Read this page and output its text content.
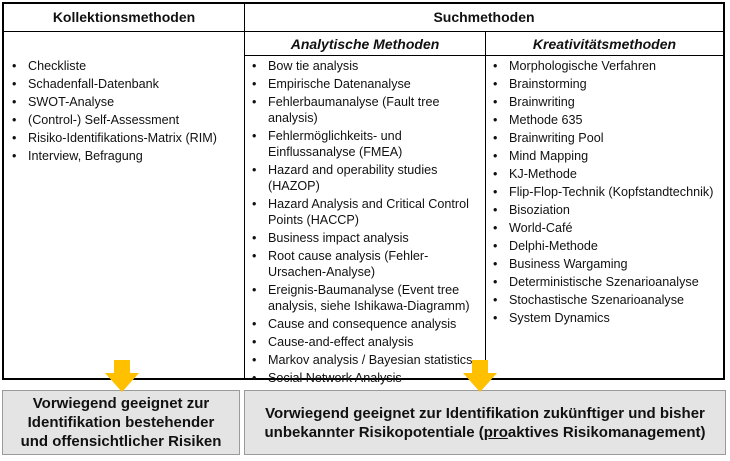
Kollektionsmethoden	Suchmethoden
Analytische Methoden	Kreativitätsmethoden
• Checkliste
• Schadenfall-Datenbank
• SWOT-Analyse
• (Control-) Self-Assessment
• Risiko-Identifikations-Matrix (RIM)
• Interview, Befragung
• Bow tie analysis
• Empirische Datenanalyse
• Fehlerbaumanalyse (Fault tree analysis)
• Fehlermöglichkeits- und Einflussanalyse (FMEA)
• Hazard and operability studies (HAZOP)
• Hazard Analysis and Critical Control Points (HACCP)
• Business impact analysis
• Root cause analysis (Fehler-Ursachen-Analyse)
• Ereignis-Baumanalyse (Event tree analysis, siehe Ishikawa-Diagramm)
• Cause and consequence analysis
• Cause-and-effect analysis
• Markov analysis / Bayesian statistics
• Social Network Analysis
• Morphologische Verfahren
• Brainstorming
• Brainwriting
• Methode 635
• Brainwriting Pool
• Mind Mapping
• KJ-Methode
• Flip-Flop-Technik (Kopfstandtechnik)
• Bisoziation
• World-Café
• Delphi-Methode
• Business Wargaming
• Deterministische Szenarioanalyse
• Stochastische Szenarioanalyse
• System Dynamics
Vorwiegend geeignet zur Identifikation bestehender und offensichtlicher Risiken
Vorwiegend geeignet zur Identifikation zukünftiger und bisher unbekannter Risikopotentiale (proaktives Risikomanagement)
